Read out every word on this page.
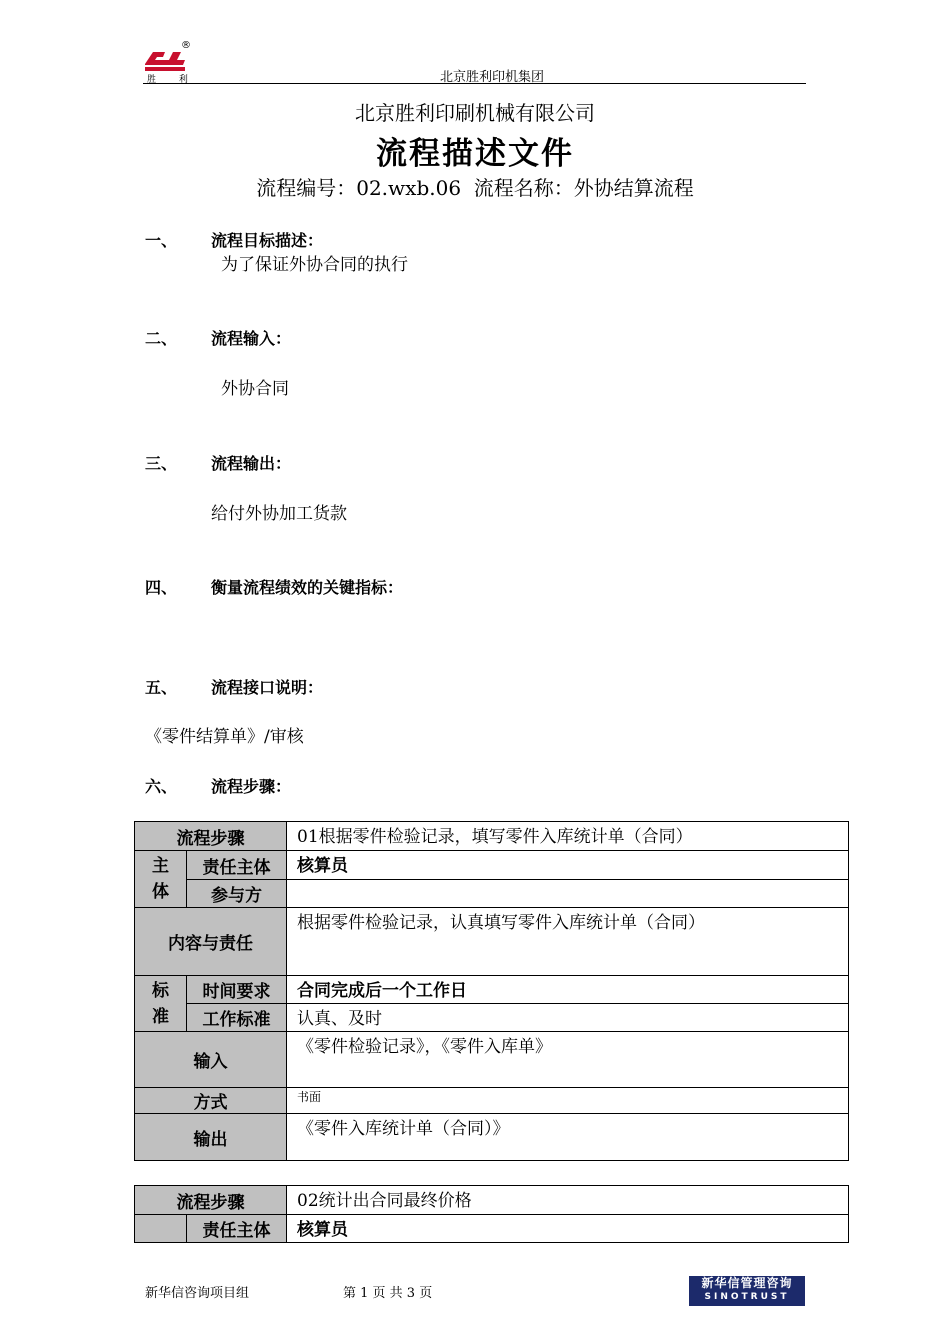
®
胜 利	北京胜利印机集团
北京胜利印刷机械有限公司
流程描述文件
流程编号：02.wxb.06  流程名称：外协结算流程
一、 流程目标描述：
为了保证外协合同的执行
二、 流程输入：
外协合同
三、 流程输出：
给付外协加工货款
四、 衡量流程绩效的关键指标：
五、 流程接口说明：
《零件结算单》/审核
六、 流程步骤：
流程步骤		01根据零件检验记录，填写零件入库统计单（合同）
主体	责任主体	核算员
	参与方	
内容与责任		根据零件检验记录，认真填写零件入库统计单（合同）
标准	时间要求	合同完成后一个工作日
	工作标准	认真、及时
输入		《零件检验记录》，《零件入库单》
方式		书面
输出		《零件入库统计单（合同）》
流程步骤		02统计出合同最终价格
	责任主体	核算员
新华信咨询项目组	第 1 页 共 3 页
新华信管理咨询
SINOTRUST
